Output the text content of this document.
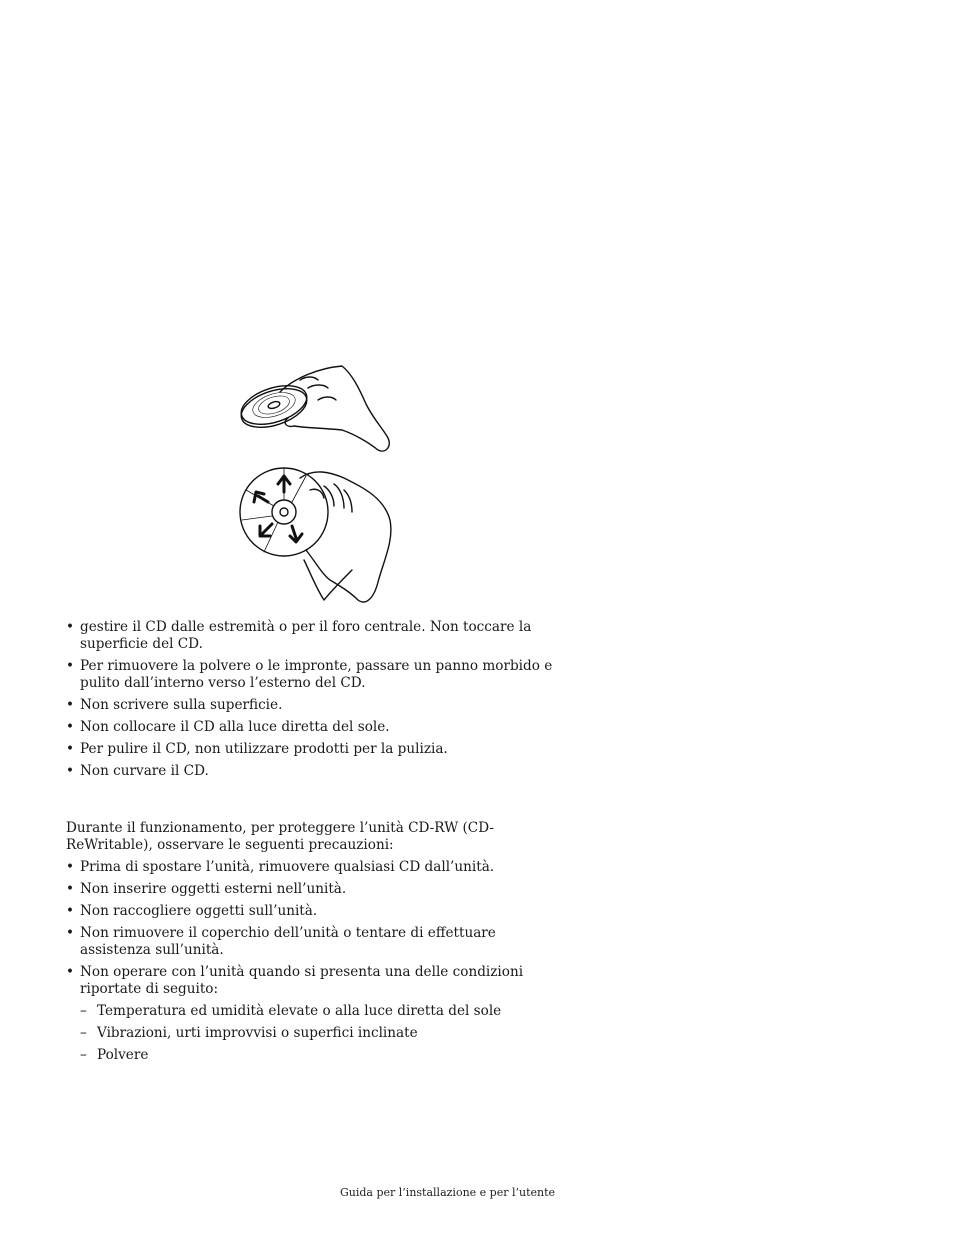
• gestire il CD dalle estremità o per il foro centrale. Non toccare la superficie del CD.
• Per rimuovere la polvere o le impronte, passare un panno morbido e pulito dall’interno verso l’esterno del CD.
• Non scrivere sulla superficie.
• Non collocare il CD alla luce diretta del sole.
• Per pulire il CD, non utilizzare prodotti per la pulizia.
• Non curvare il CD.
Durante il funzionamento, per proteggere l’unità CD-RW (CD-ReWritable), osservare le seguenti precauzioni:
• Prima di spostare l’unità, rimuovere qualsiasi CD dall’unità.
• Non inserire oggetti esterni nell’unità.
• Non raccogliere oggetti sull’unità.
• Non rimuovere il coperchio dell’unità o tentare di effettuare assistenza sull’unità.
• Non operare con l’unità quando si presenta una delle condizioni riportate di seguito:
– Temperatura ed umidità elevate o alla luce diretta del sole
– Vibrazioni, urti improvvisi o superfici inclinate
– Polvere
Guida per l’installazione e per l’utente
